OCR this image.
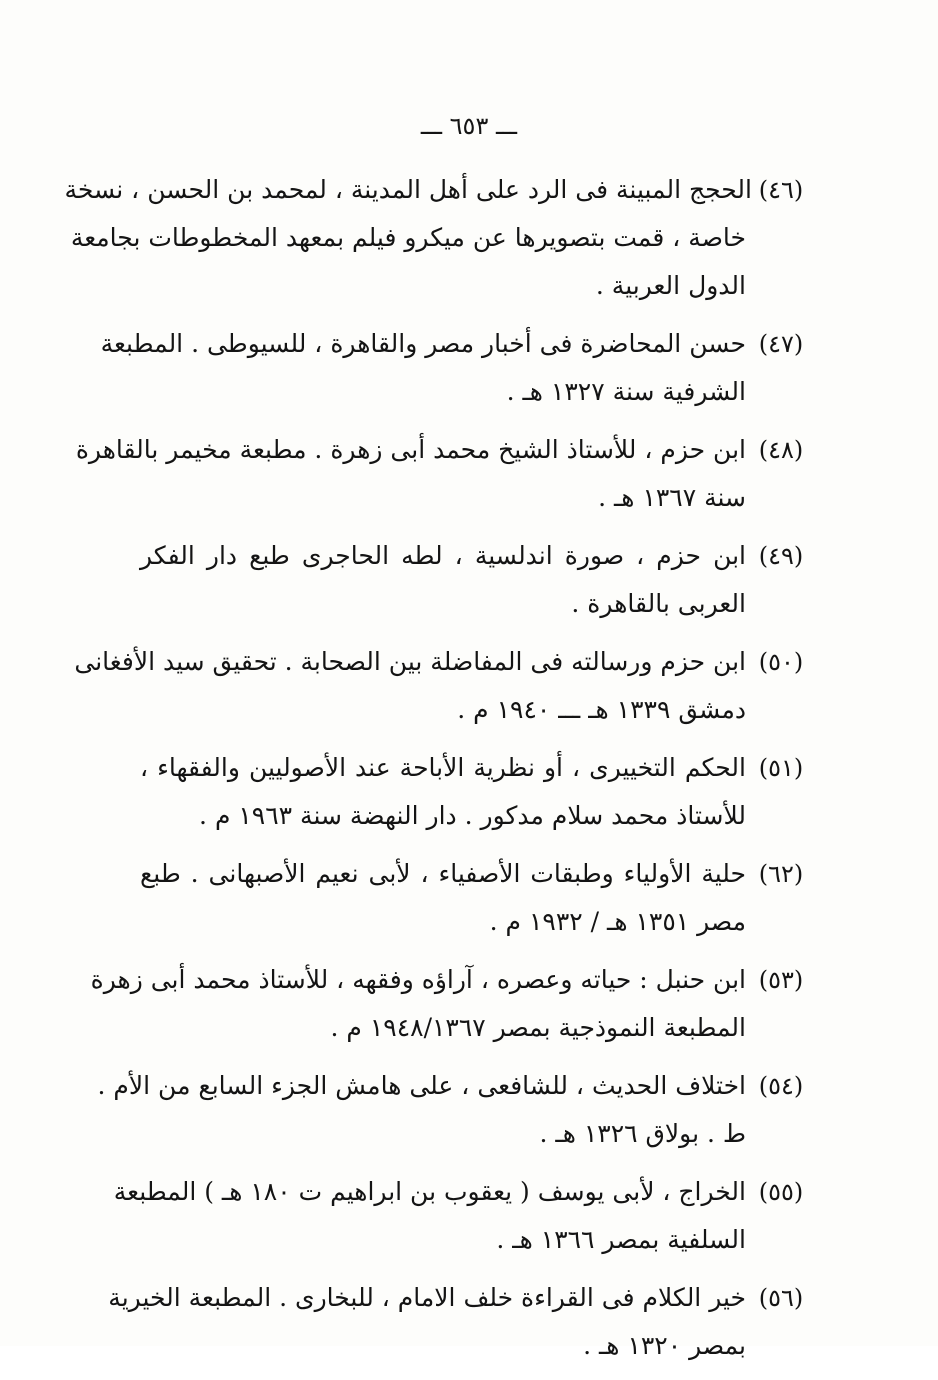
ـــ ٦٥٣ ـــ
(٤٦)
الحجج المبينة فى الرد على أهل المدينة ، لمحمد بن الحسن ، نسخة
خاصة ، قمت بتصويرها عن ميكرو فيلم بمعهد المخطوطات بجامعة
الدول العربية .
(٤٧)
حسن المحاضرة فى أخبار مصر والقاهرة ، للسيوطى . المطبعة
الشرفية سنة ١٣٢٧ هـ .
(٤٨)
ابن حزم ، للأستاذ الشيخ محمد أبى زهرة . مطبعة مخيمر بالقاهرة
سنة ١٣٦٧ هـ .
(٤٩)
ابن حزم ، صورة اندلسية ، لطه الحاجرى طبع دار الفكر
العربى بالقاهرة .
(٥٠)
ابن حزم ورسالته فى المفاضلة بين الصحابة . تحقيق سيد الأفغانى
دمشق ١٣٣٩ هـ ـــ ١٩٤٠ م .
(٥١)
الحكم التخييرى ، أو نظرية الأباحة عند الأصوليين والفقهاء ،
للأستاذ محمد سلام مدكور . دار النهضة سنة ١٩٦٣ م .
(٦٢)
حلية الأولياء وطبقات الأصفياء ، لأبى نعيم الأصبهانى . طبع
مصر ١٣٥١ هـ / ١٩٣٢ م .
(٥٣)
ابن حنبل : حياته وعصره ، آراؤه وفقهه ، للأستاذ محمد أبى زهرة
المطبعة النموذجية بمصر ١٩٤٨/١٣٦٧ م .
(٥٤)
اختلاف الحديث ، للشافعى ، على هامش الجزء السابع من الأم .
ط . بولاق ١٣٢٦ هـ .
(٥٥)
الخراج ، لأبى يوسف ( يعقوب بن ابراهيم ت ١٨٠ هـ ) المطبعة
السلفية بمصر ١٣٦٦ هـ .
(٥٦)
خير الكلام فى القراءة خلف الامام ، للبخارى . المطبعة الخيرية
بمصر ١٣٢٠ هـ .
